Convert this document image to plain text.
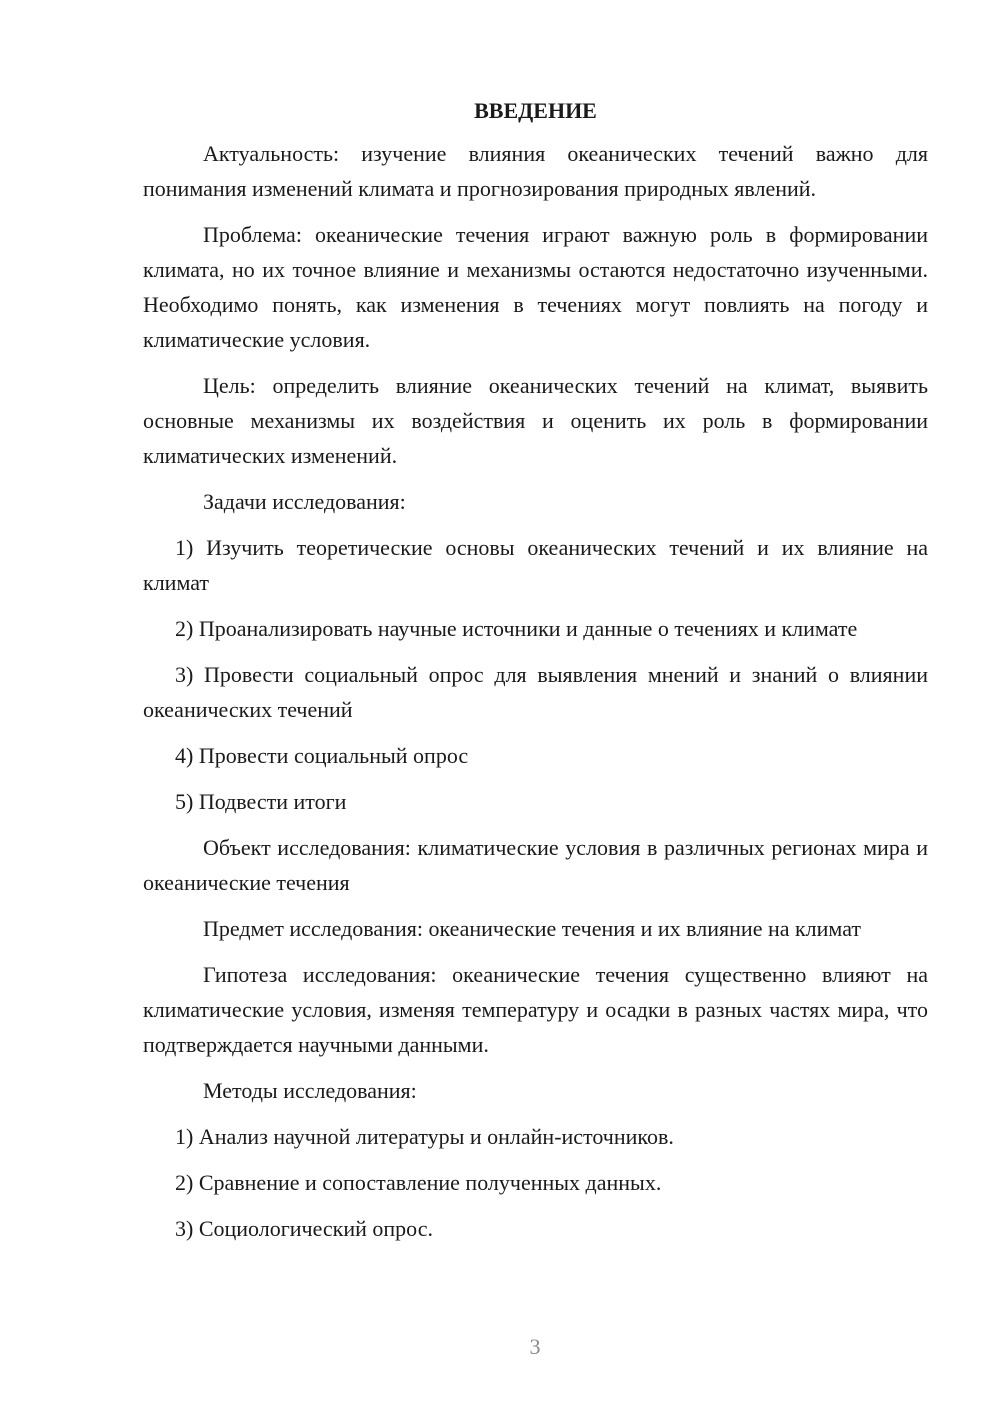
ВВЕДЕНИЕ

Актуальность: изучение влияния океанических течений важно для понимания изменений климата и прогнозирования природных явлений.

Проблема: океанические течения играют важную роль в формировании климата, но их точное влияние и механизмы остаются недостаточно изученными. Необходимо понять, как изменения в течениях могут повлиять на погоду и климатические условия.

Цель: определить влияние океанических течений на климат, выявить основные механизмы их воздействия и оценить их роль в формировании климатических изменений.

Задачи исследования:

1) Изучить теоретические основы океанических течений и их влияние на климат

2) Проанализировать научные источники и данные о течениях и климате

3) Провести социальный опрос для выявления мнений и знаний о влиянии океанических течений

4) Провести социальный опрос

5) Подвести итоги

Объект исследования: климатические условия в различных регионах мира и океанические течения

Предмет исследования: океанические течения и их влияние на климат

Гипотеза исследования: океанические течения существенно влияют на климатические условия, изменяя температуру и осадки в разных частях мира, что подтверждается научными данными.

Методы исследования:

1) Анализ научной литературы и онлайн-источников.

2) Сравнение и сопоставление полученных данных.

3) Социологический опрос.

3
